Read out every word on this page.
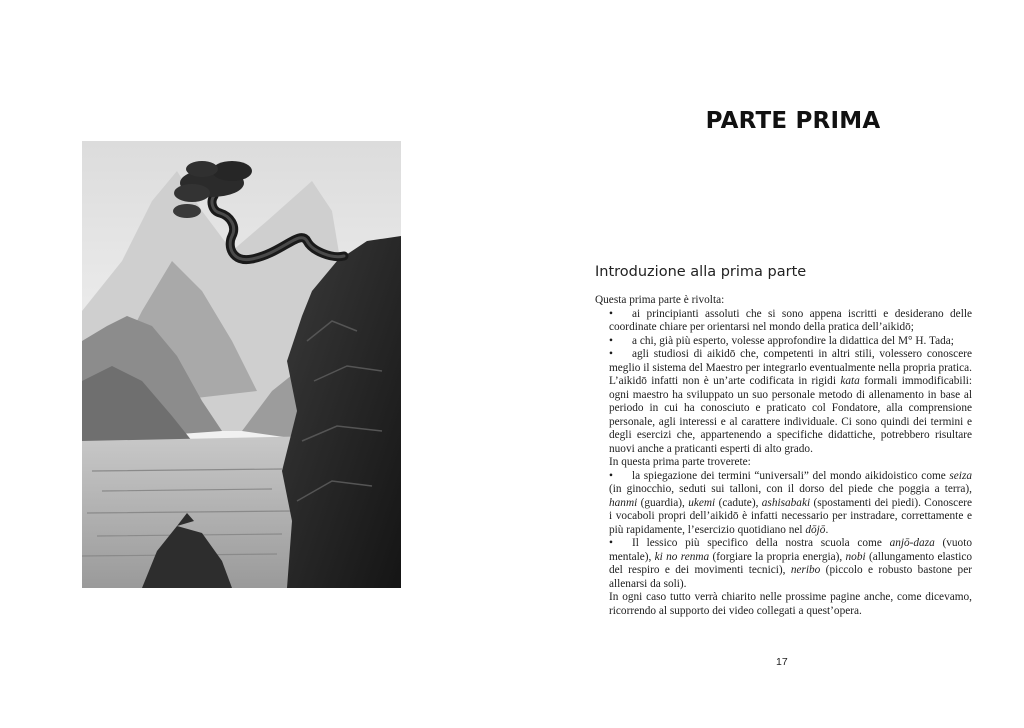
PARTE PRIMA
Introduzione alla prima parte
Questa prima parte è rivolta:
• ai principianti assoluti che si sono appena iscritti e desiderano delle coordinate chiare per orientarsi nel mondo della pratica dell’aikidō;
• a chi, già più esperto, volesse approfondire la didattica del M° H. Tada;
• agli studiosi di aikidō che, competenti in altri stili, volessero conoscere meglio il sistema del Maestro per integrarlo eventualmente nella propria pratica. L’aikidō infatti non è un’arte codificata in rigidi kata formali immodificabili: ogni maestro ha sviluppato un suo personale metodo di allenamento in base al periodo in cui ha conosciuto e praticato col Fondatore, alla comprensione personale, agli interessi e al carattere individuale. Ci sono quindi dei termini e degli esercizi che, appartenendo a specifiche didattiche, potrebbero risultare nuovi anche a praticanti esperti di alto grado.
In questa prima parte troverete:
• la spiegazione dei termini “universali” del mondo aikidoistico come seiza (in ginocchio, seduti sui talloni, con il dorso del piede che poggia a terra), hanmi (guardia), ukemi (cadute), ashisabaki (spostamenti dei piedi). Conoscere i vocaboli propri dell’aikidō è infatti necessario per instradare, correttamente e più rapidamente, l’esercizio quotidiano nel dōjō.
• Il lessico più specifico della nostra scuola come anjō-daza (vuoto mentale), ki no renma (forgiare la propria energia), nobi (allungamento elastico del respiro e dei movimenti tecnici), neribo (piccolo e robusto bastone per allenarsi da soli).
In ogni caso tutto verrà chiarito nelle prossime pagine anche, come dicevamo, ricorrendo al supporto dei video collegati a quest’opera.
17
